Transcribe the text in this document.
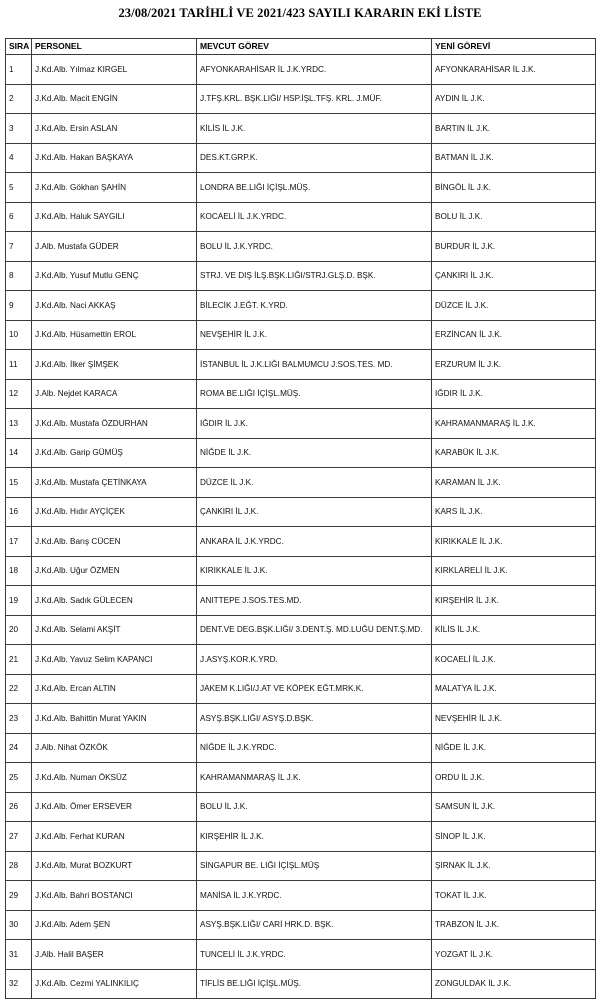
23/08/2021 TARİHLİ VE 2021/423 SAYILI KARARIN EKİ LİSTE
SIRA	PERSONEL	MEVCUT GÖREV	YENİ GÖREVİ
1	J.Kd.Alb. Yılmaz KIRGEL	AFYONKARAHİSAR İL J.K.YRDC.	AFYONKARAHİSAR İL J.K.
2	J.Kd.Alb. Macit ENGİN	J.TFŞ.KRL. BŞK.LIĞI/ HSP.İŞL.TFŞ. KRL. J.MÜF.	AYDIN İL J.K.
3	J.Kd.Alb. Ersin ASLAN	KİLİS İL J.K.	BARTIN İL J.K.
4	J.Kd.Alb. Hakan BAŞKAYA	DES.KT.GRP.K.	BATMAN İL J.K.
5	J.Kd.Alb. Gökhan ŞAHİN	LONDRA BE.LIĞI İÇİŞL.MÜŞ.	BİNGÖL İL J.K.
6	J.Kd.Alb. Haluk SAYGILI	KOCAELİ İL J.K.YRDC.	BOLU İL J.K.
7	J.Alb. Mustafa GÜDER	BOLU İL J.K.YRDC.	BURDUR İL J.K.
8	J.Kd.Alb. Yusuf Mutlu GENÇ	STRJ. VE DIŞ İLŞ.BŞK.LIĞI/STRJ.GLŞ.D. BŞK.	ÇANKIRI İL J.K.
9	J.Kd.Alb. Naci AKKAŞ	BİLECİK J.EĞT. K.YRD.	DÜZCE İL J.K.
10	J.Kd.Alb. Hüsamettin EROL	NEVŞEHİR İL J.K.	ERZİNCAN İL J.K.
11	J.Kd.Alb. İlker ŞİMŞEK	İSTANBUL İL J.K.LIĞI BALMUMCU J.SOS.TES. MD.	ERZURUM İL J.K.
12	J.Alb. Nejdet KARACA	ROMA BE.LIĞI İÇİŞL.MÜŞ.	IĞDIR İL J.K.
13	J.Kd.Alb. Mustafa ÖZDURHAN	IĞDIR İL J.K.	KAHRAMANMARAŞ İL J.K.
14	J.Kd.Alb. Garip GÜMÜŞ	NİĞDE İL J.K.	KARABÜK İL J.K.
15	J.Kd.Alb. Mustafa ÇETİNKAYA	DÜZCE İL J.K.	KARAMAN İL J.K.
16	J.Kd.Alb. Hıdır AYÇİÇEK	ÇANKIRI İL J.K.	KARS İL J.K.
17	J.Kd.Alb. Barış CÜCEN	ANKARA İL J.K.YRDC.	KIRIKKALE İL J.K.
18	J.Kd.Alb. Uğur ÖZMEN	KIRIKKALE İL J.K.	KIRKLARELİ İL J.K.
19	J.Kd.Alb. Sadık GÜLECEN	ANITTEPE J.SOS.TES.MD.	KIRŞEHİR İL J.K.
20	J.Kd.Alb. Selami AKŞİT	DENT.VE DEG.BŞK.LIĞI/ 3.DENT.Ş. MD.LUĞU DENT.Ş.MD.	KİLİS İL J.K.
21	J.Kd.Alb. Yavuz Selim KAPANCI	J.ASYŞ.KOR.K.YRD.	KOCAELİ İL J.K.
22	J.Kd.Alb. Ercan ALTIN	JAKEM K.LIĞI/J.AT VE KÖPEK EĞT.MRK.K.	MALATYA İL J.K.
23	J.Kd.Alb. Bahittin Murat YAKIN	ASYŞ.BŞK.LIĞI/ ASYŞ.D.BŞK.	NEVŞEHİR İL J.K.
24	J.Alb. Nihat ÖZKÖK	NİĞDE İL J.K.YRDC.	NİĞDE İL J.K.
25	J.Kd.Alb. Numan ÖKSÜZ	KAHRAMANMARAŞ İL J.K.	ORDU İL J.K.
26	J.Kd.Alb. Ömer ERSEVER	BOLU İL J.K.	SAMSUN İL J.K.
27	J.Kd.Alb. Ferhat KURAN	KIRŞEHİR İL J.K.	SİNOP İL J.K.
28	J.Kd.Alb. Murat BOZKURT	SİNGAPUR BE. LIĞI İÇİŞL.MÜŞ	ŞIRNAK İL J.K.
29	J.Kd.Alb. Bahri BOSTANCI	MANİSA İL J.K.YRDC.	TOKAT İL J.K.
30	J.Kd.Alb. Adem ŞEN	ASYŞ.BŞK.LIĞI/ CARİ HRK.D. BŞK.	TRABZON İL J.K.
31	J.Alb. Halil BAŞER	TUNCELİ İL J.K.YRDC.	YOZGAT İL J.K.
32	J.Kd.Alb. Cezmi YALINKILIÇ	TİFLİS BE.LIĞI İÇİŞL.MÜŞ.	ZONGULDAK İL J.K.
